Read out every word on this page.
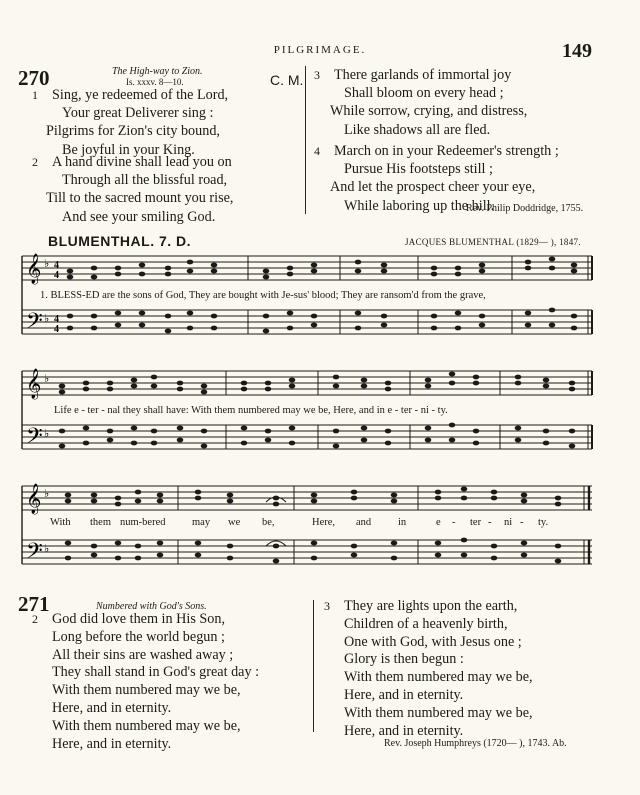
PILGRIMAGE.	149
270	The High-way to Zion.
Is. xxxv. 8—10.	C. M.
1 Sing, ye redeemed of the Lord,
Your great Deliverer sing :
Pilgrims for Zion's city bound,
Be joyful in your King.
2 A hand divine shall lead you on
Through all the blissful road,
Till to the sacred mount you rise,
And see your smiling God.
3 There garlands of immortal joy
Shall bloom on every head ;
While sorrow, crying, and distress,
Like shadows all are fled.
4 March on in your Redeemer's strength ;
Pursue His footsteps still ;
And let the prospect cheer your eye,
While laboring up the hill.
Rev. Philip Doddridge, 1755.
BLUMENTHAL. 7. D.	JACQUES BLUMENTHAL (1829— ), 1847.
𝄞
𝄢
♭
♭
4
4
4
4
1. BLESS-ED are the sons of God, They are bought with Je-sus' blood; They are ransom'd from the grave,
𝄞
𝄢
♭
♭
Life e - ter - nal they shall have: With them numbered may we be, Here, and in e - ter - ni - ty.
𝄞
𝄢
♭
♭
With them num-bered	may we be,	Here, and	in	e - ter - ni - ty.
271	Numbered with God's Sons.
2 God did love them in His Son,
Long before the world begun ;
All their sins are washed away ;
They shall stand in God's great day :
With them numbered may we be,
Here, and in eternity.
With them numbered may we be,
Here, and in eternity.
3 They are lights upon the earth,
Children of a heavenly birth,
One with God, with Jesus one ;
Glory is then begun :
With them numbered may we be,
Here, and in eternity.
With them numbered may we be,
Here, and in eternity.
Rev. Joseph Humphreys (1720— ), 1743. Ab.
